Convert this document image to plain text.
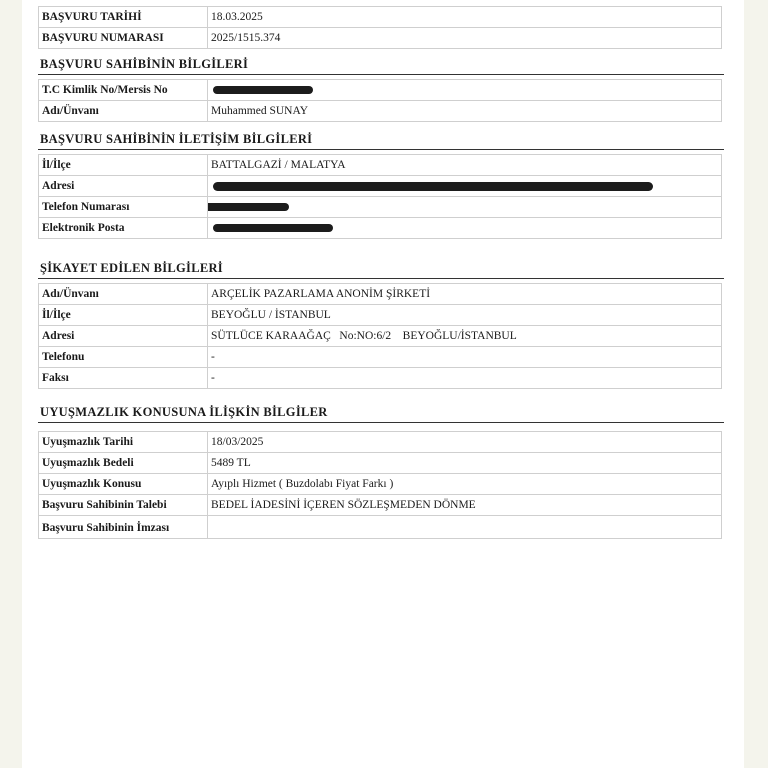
BAŞVURU TARİHİ	18.03.2025
BAŞVURU NUMARASI	2025/1515.374
BAŞVURU SAHİBİNİN BİLGİLERİ
T.C Kimlik No/Mersis No	
Adı/Ünvanı	Muhammed SUNAY
BAŞVURU SAHİBİNİN İLETİŞİM BİLGİLERİ
İl/İlçe	BATTALGAZİ / MALATYA
Adresi	
Telefon Numarası	
Elektronik Posta	
ŞİKAYET EDİLEN BİLGİLERİ
Adı/Ünvanı	ARÇELİK PAZARLAMA ANONİM ŞİRKETİ
İl/İlçe	BEYOĞLU / İSTANBUL
Adresi	SÜTLÜCE KARAAĞAÇ   No:NO:6/2    BEYOĞLU/İSTANBUL
Telefonu	-
Faksı	-
UYUŞMAZLIK KONUSUNA İLİŞKİN BİLGİLER
Uyuşmazlık Tarihi	18/03/2025
Uyuşmazlık Bedeli	5489 TL
Uyuşmazlık Konusu	Ayıplı Hizmet ( Buzdolabı Fiyat Farkı )
Başvuru Sahibinin Talebi	BEDEL İADESİNİ İÇEREN SÖZLEŞMEDEN DÖNME
Başvuru Sahibinin İmzası	
